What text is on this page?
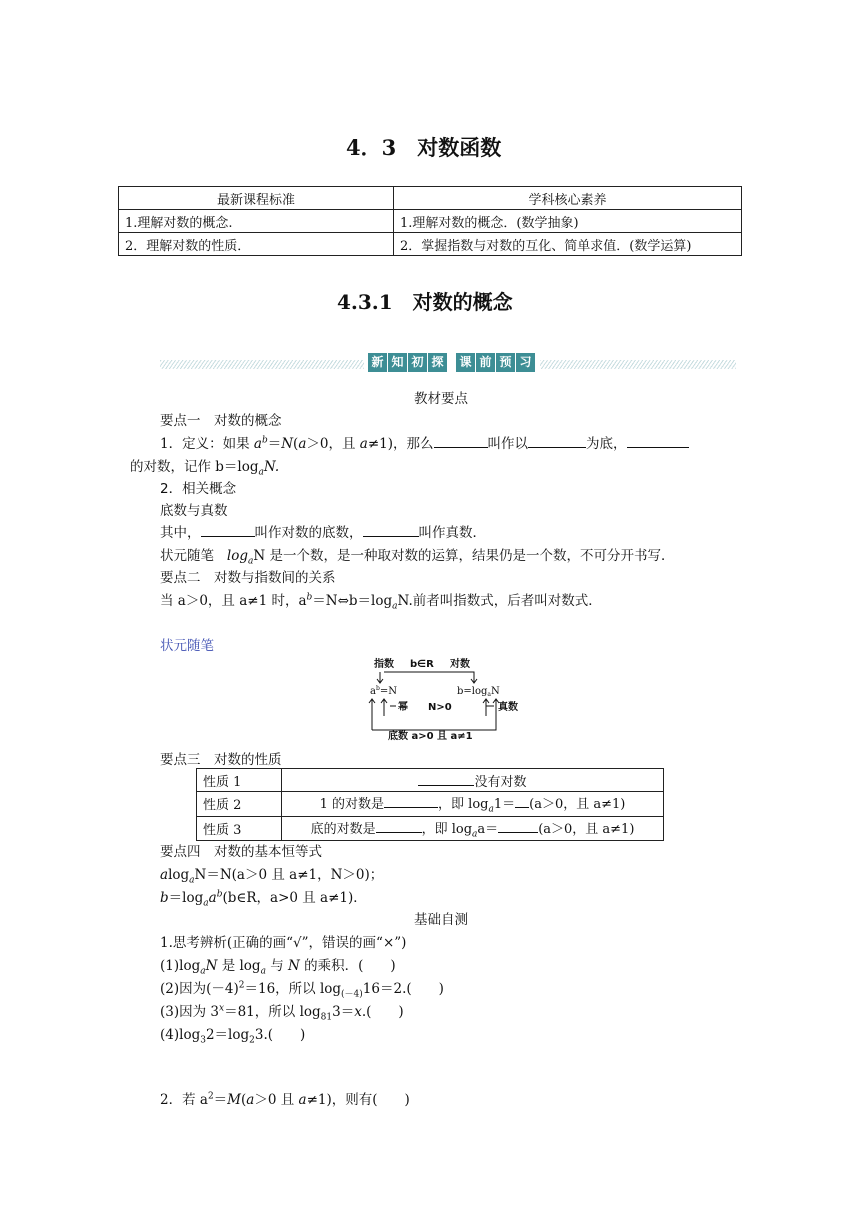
4．3　对数函数
最新课程标准	学科核心素养
1.理解对数的概念.	1.理解对数的概念．(数学抽象)
2．理解对数的性质．	2．掌握指数与对数的互化、简单求值．(数学运算)
4.3.1　对数的概念
新 知 初 探 课 前 预 习
教材要点
要点一　对数的概念
1．定义：如果 $a^b=N(a>0$，且 a≠1)，那么	叫作以	为底，
的对数，记作 $b=\log_aN$.
2．相关概念
底数与真数
其中，	叫作对数的底数，	叫作真数．
状元随笔 $\log_aN$ 是一个数，是一种取对数的运算，结果仍是一个数，不可分开书写．
要点二　对数与指数间的关系
当 a＞0，且 a≠1 时，$a^b=N\Leftrightarrow b=\log_aN$.前者叫指数式，后者叫对数式．
状元随笔
指数 b∈R 对数
$a^b=N$	$b=\log_aN$
幂 N>0	真数
底数 a>0 且 a≠1
要点三　对数的性质
性质 1	没有对数
性质 2	1 的对数是 ，即 $\log_a1= (a>0$，且 a≠1)
性质 3	底的对数是 ，即 $\log_aa= (a>0$，且 a≠1)
要点四　对数的基本恒等式
alog$_a$N＝N(a＞0 且 a≠1，N＞0)；
$b=\log_aa^b(b\in R$，a>0 且 a≠1)．
基础自测
1.思考辨析(正确的画“√”，错误的画“×”)
$(1)\log_aN$ 是 $\log_a$ 与 N 的乘积．(　　)
(2)因为$(-4)^2=16$，所以 $\log_{(-4)}16=2$.(　　)
(3)因为 $3^x=81$，所以 $\log_{81}3=x$.(　　)
$(4)\log_32=\log_23$.(　　)
2．若 $a^2=M(a>0$ 且 a≠1)，则有(　　)
